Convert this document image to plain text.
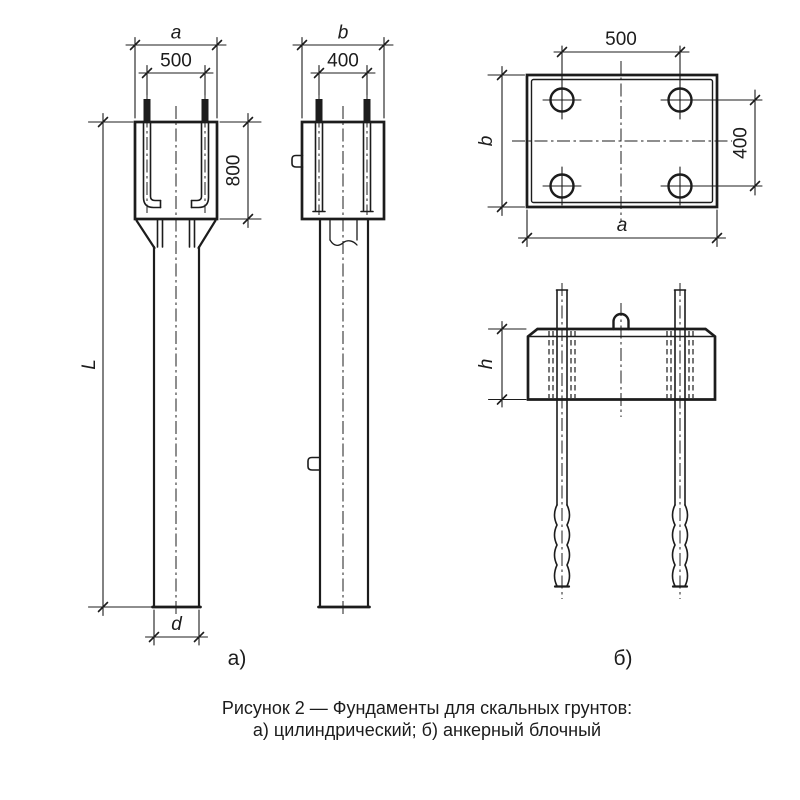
a
500
800
L
d
b
400
500
400
b
a
h
а)	б)
Рисунок 2 — Фундаменты для скальных грунтов:
а) цилиндрический; б) анкерный блочный
